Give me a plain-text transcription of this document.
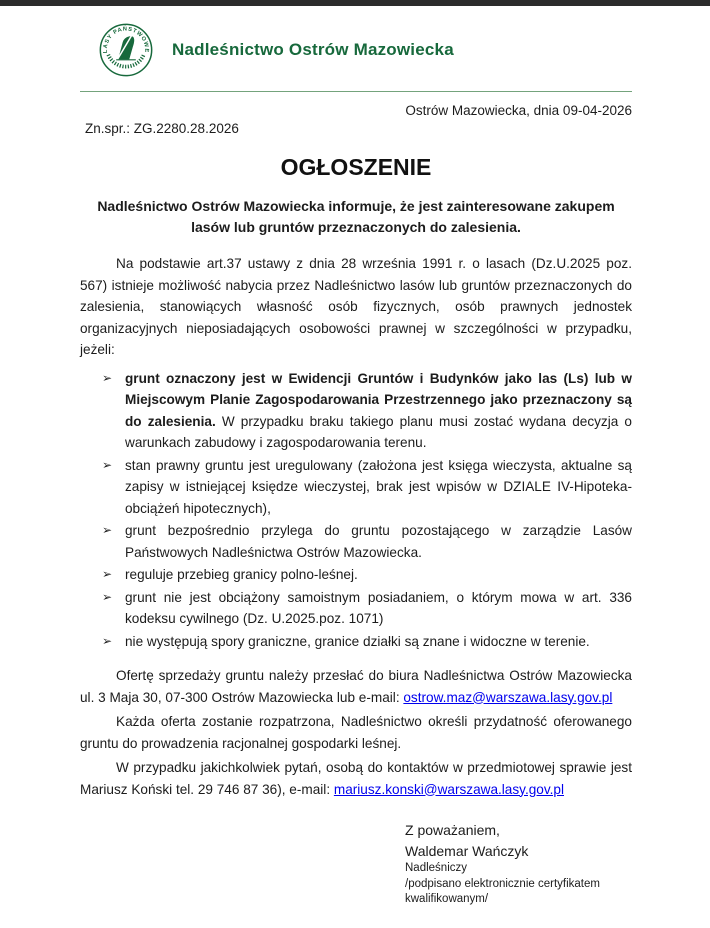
LASY PAŃSTWOWE Nadleśnictwo Ostrów Mazowiecka
Ostrów Mazowiecka, dnia 09-04-2026
Zn.spr.: ZG.2280.28.2026
OGŁOSZENIE

Nadleśnictwo Ostrów Mazowiecka informuje, że jest zainteresowane zakupem lasów lub gruntów przeznaczonych do zalesienia.

Na podstawie art.37 ustawy z dnia 28 września 1991 r. o lasach (Dz.U.2025 poz. 567) istnieje możliwość nabycia przez Nadleśnictwo lasów lub gruntów przeznaczonych do zalesienia, stanowiących własność osób fizycznych, osób prawnych jednostek organizacyjnych nieposiadających osobowości prawnej w szczególności w przypadku, jeżeli:

➢ grunt oznaczony jest w Ewidencji Gruntów i Budynków jako las (Ls) lub w Miejscowym Planie Zagospodarowania Przestrzennego jako przeznaczony są do zalesienia. W przypadku braku takiego planu musi zostać wydana decyzja o warunkach zabudowy i zagospodarowania terenu.
➢ stan prawny gruntu jest uregulowany (założona jest księga wieczysta, aktualne są zapisy w istniejącej księdze wieczystej, brak jest wpisów w DZIALE IV-Hipoteka- obciążeń hipotecznych),
➢ grunt bezpośrednio przylega do gruntu pozostającego w zarządzie Lasów Państwowych Nadleśnictwa Ostrów Mazowiecka.
➢ reguluje przebieg granicy polno-leśnej.
➢ grunt nie jest obciążony samoistnym posiadaniem, o którym mowa w art. 336 kodeksu cywilnego (Dz. U.2025.poz. 1071)
➢ nie występują spory graniczne, granice działki są znane i widoczne w terenie.

Ofertę sprzedaży gruntu należy przesłać do biura Nadleśnictwa Ostrów Mazowiecka ul. 3 Maja 30, 07-300 Ostrów Mazowiecka lub e-mail: ostrow.maz@warszawa.lasy.gov.pl

Każda oferta zostanie rozpatrzona, Nadleśnictwo określi przydatność oferowanego gruntu do prowadzenia racjonalnej gospodarki leśnej.

W przypadku jakichkolwiek pytań, osobą do kontaktów w przedmiotowej sprawie jest Mariusz Koński tel. 29 746 87 36), e-mail: mariusz.konski@warszawa.lasy.gov.pl

Z poważaniem,
Waldemar Wańczyk
Nadleśniczy
/podpisano elektronicznie certyfikatem kwalifikowanym/
